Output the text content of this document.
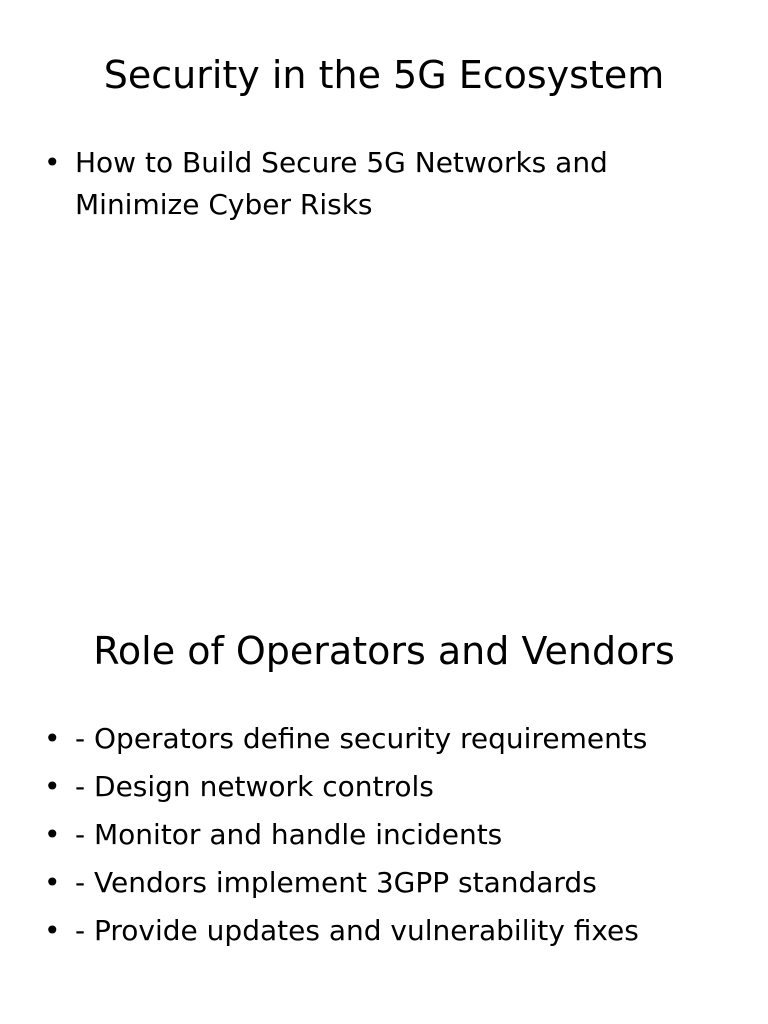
Security in the 5G Ecosystem
• How to Build Secure 5G Networks and Minimize Cyber Risks
Role of Operators and Vendors
• - Operators define security requirements
• - Design network controls
• - Monitor and handle incidents
• - Vendors implement 3GPP standards
• - Provide updates and vulnerability fixes
